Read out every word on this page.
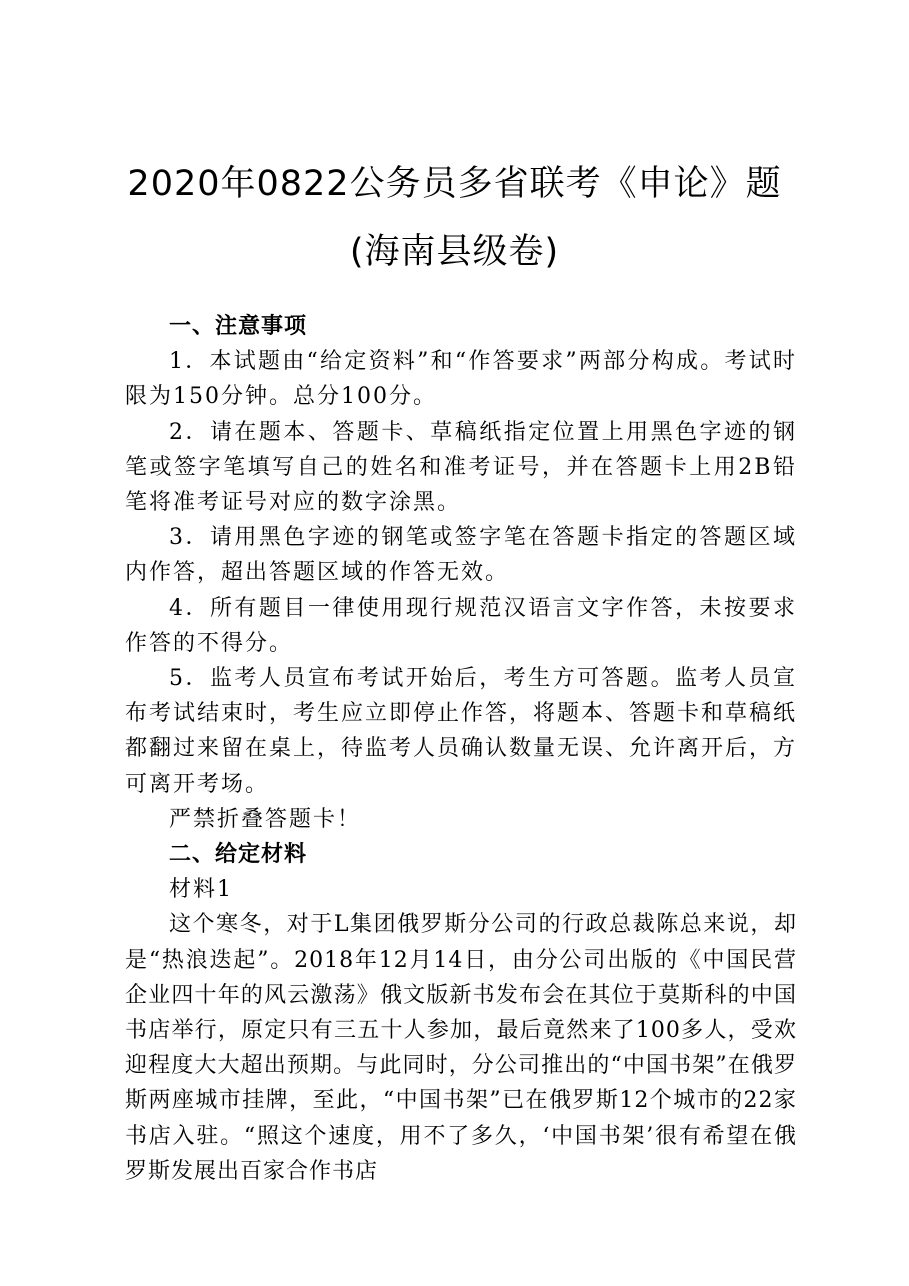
2020年0822公务员多省联考《申论》题
(海南县级卷)

一、注意事项

1．本试题由“给定资料”和“作答要求”两部分构成。考试时限为150分钟。总分100分。

2．请在题本、答题卡、草稿纸指定位置上用黑色字迹的钢笔或签字笔填写自己的姓名和准考证号，并在答题卡上用2B铅笔将准考证号对应的数字涂黑。

3．请用黑色字迹的钢笔或签字笔在答题卡指定的答题区域内作答，超出答题区域的作答无效。

4．所有题目一律使用现行规范汉语言文字作答，未按要求作答的不得分。

5．监考人员宣布考试开始后，考生方可答题。监考人员宣布考试结束时，考生应立即停止作答，将题本、答题卡和草稿纸都翻过来留在桌上，待监考人员确认数量无误、允许离开后，方可离开考场。

严禁折叠答题卡！

二、给定材料

材料1

这个寒冬，对于L集团俄罗斯分公司的行政总裁陈总来说，却是“热浪迭起”。2018年12月14日，由分公司出版的《中国民营企业四十年的风云激荡》俄文版新书发布会在其位于莫斯科的中国书店举行，原定只有三五十人参加，最后竟然来了100多人，受欢迎程度大大超出预期。与此同时，分公司推出的“中国书架”在俄罗斯两座城市挂牌，至此，“中国书架”已在俄罗斯12个城市的22家书店入驻。“照这个速度，用不了多久，‘中国书架’很有希望在俄罗斯发展出百家合作书店
